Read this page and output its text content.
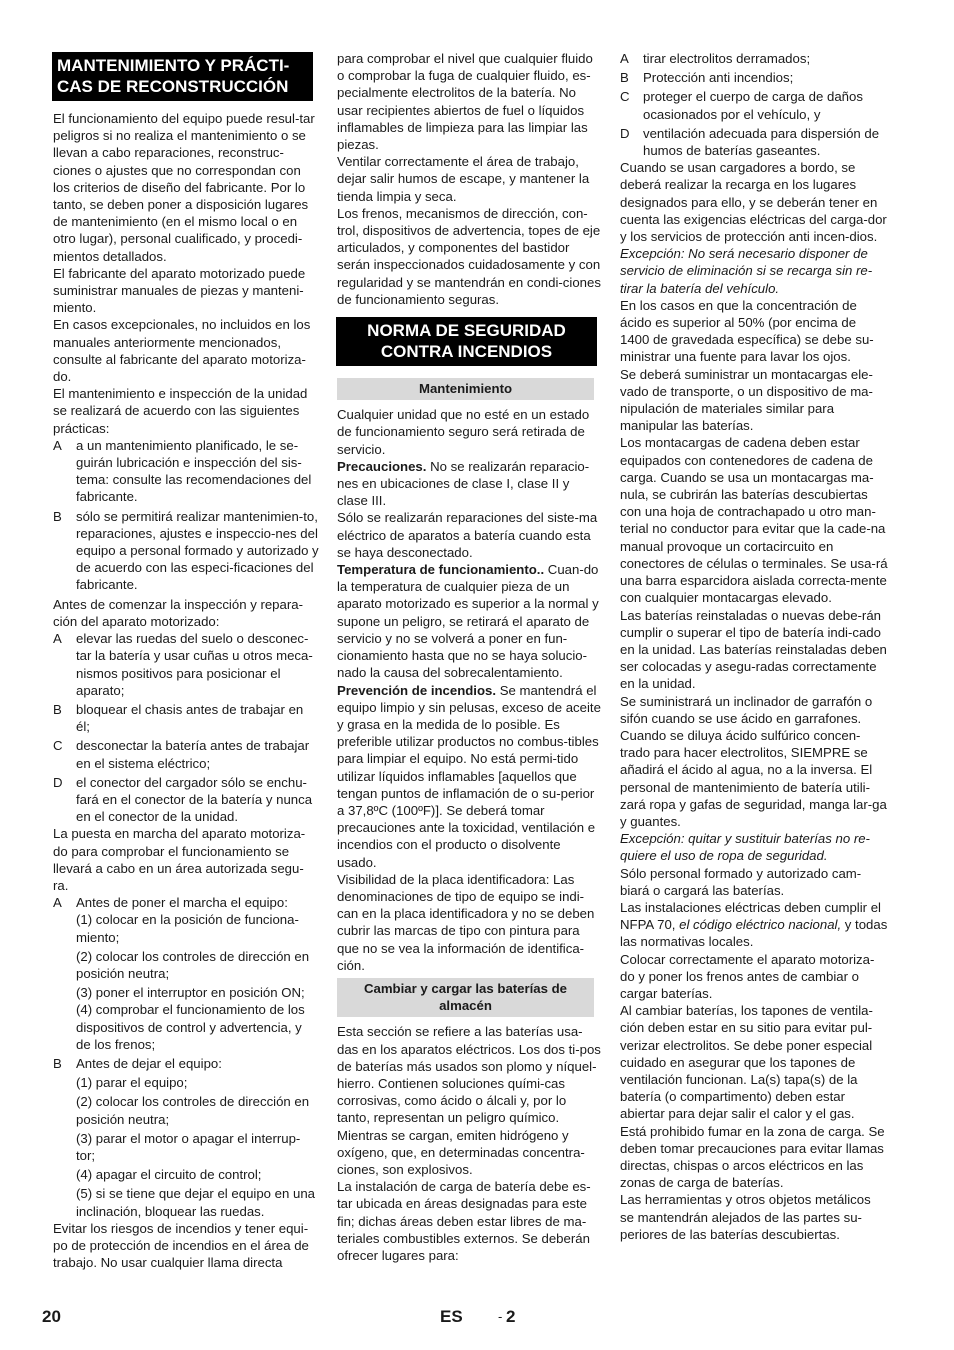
MANTENIMIENTO Y PRÁCTI-CAS DE RECONSTRUCCIÓN

El funcionamiento del equipo puede resul-tar peligros si no realiza el mantenimiento o se llevan a cabo reparaciones, reconstruc-ciones o ajustes que no correspondan con los criterios de diseño del fabricante. Por lo tanto, se deben poner a disposición lugares de mantenimiento (en el mismo local o en otro lugar), personal cualificado, y procedi-mientos detallados.

El fabricante del aparato motorizado puede suministrar manuales de piezas y manteni-miento.

En casos excepcionales, no incluidos en los manuales anteriormente mencionados, consulte al fabricante del aparato motoriza-do.

El mantenimiento e inspección de la unidad se realizará de acuerdo con las siguientes prácticas:

A	a un mantenimiento planificado, le se-guirán lubricación e inspección del sis-tema: consulte las recomendaciones del fabricante.
B	sólo se permitirá realizar mantenimien-to, reparaciones, ajustes e inspeccio-nes del equipo a personal formado y autorizado y de acuerdo con las especi-ficaciones del fabricante.

Antes de comenzar la inspección y repara-ción del aparato motorizado:

A	elevar las ruedas del suelo o desconec-tar la batería y usar cuñas u otros meca-nismos positivos para posicionar el aparato;
B	bloquear el chasis antes de trabajar en él;
C	desconectar la batería antes de trabajar en el sistema eléctrico;
D	el conector del cargador sólo se enchu-fará en el conector de la batería y nunca en el conector de la unidad.

La puesta en marcha del aparato motoriza-do para comprobar el funcionamiento se llevará a cabo en un área autorizada segu-ra.

A	Antes de poner el marcha el equipo:

(1) colocar en la posición de funciona-miento;

(2) colocar los controles de dirección en posición neutra;

(3) poner el interruptor en posición ON;

(4) comprobar el funcionamiento de los dispositivos de control y advertencia, y de los frenos;

B	Antes de dejar el equipo:

(1) parar el equipo;

(2) colocar los controles de dirección en posición neutra;

(3) parar el motor o apagar el interrup-tor;

(4) apagar el circuito de control;

(5) si se tiene que dejar el equipo en una inclinación, bloquear las ruedas.

Evitar los riesgos de incendios y tener equi-po de protección de incendios en el área de trabajo. No usar cualquier llama directa

para comprobar el nivel que cualquier fluido o comprobar la fuga de cualquier fluido, es-pecialmente electrolitos de la batería. No usar recipientes abiertos de fuel o líquidos inflamables de limpieza para las limpiar las piezas.

Ventilar correctamente el área de trabajo, dejar salir humos de escape, y mantener la tienda limpia y seca.

Los frenos, mecanismos de dirección, con-trol, dispositivos de advertencia, topes de eje articulados, y componentes del bastidor serán inspeccionados cuidadosamente y con regularidad y se mantendrán en condi-ciones de funcionamiento seguras.

NORMA DE SEGURIDAD CONTRA INCENDIOS
Mantenimiento

Cualquier unidad que no esté en un estado de funcionamiento seguro será retirada de servicio.

Precauciones. No se realizarán reparacio-nes en ubicaciones de clase I, clase II y clase III.

Sólo se realizarán reparaciones del siste-ma eléctrico de aparatos a batería cuando esta se haya desconectado.

Temperatura de funcionamiento.. Cuan-do la temperatura de cualquier pieza de un aparato motorizado es superior a la normal y supone un peligro, se retirará el aparato de servicio y no se volverá a poner en fun-cionamiento hasta que no se haya solucio-nado la causa del sobrecalentamiento.

Prevención de incendios. Se mantendrá el equipo limpio y sin pelusas, exceso de aceite y grasa en la medida de lo posible. Es preferible utilizar productos no combus-tibles para limpiar el equipo. No está permi-tido utilizar líquidos inflamables [aquellos que tengan puntos de inflamación de o su-perior a 37,8ºC (100ºF)]. Se deberá tomar precauciones ante la toxicidad, ventilación e incendios con el producto o disolvente usado.

Visibilidad de la placa identificadora: Las denominaciones de tipo de equipo se indi-can en la placa identificadora y no se deben cubrir las marcas de tipo con pintura para que no se vea la información de identifica-ción.

Cambiar y cargar las baterías de almacén

Esta sección se refiere a las baterías usa-das en los aparatos eléctricos. Los dos ti-pos de baterías más usados son plomo y níquel-hierro. Contienen soluciones quími-cas corrosivas, como ácido o álcali y, por lo tanto, representan un peligro químico. Mientras se cargan, emiten hidrógeno y oxígeno, que, en determinadas concentra-ciones, son explosivos.

La instalación de carga de batería debe es-tar ubicada en áreas designadas para este fin; dichas áreas deben estar libres de ma-teriales combustibles externos. Se deberán ofrecer lugares para:

A	tirar electrolitos derramados;
B	Protección anti incendios;
C	proteger el cuerpo de carga de daños ocasionados por el vehículo, y
D	ventilación adecuada para dispersión de humos de baterías gaseantes.

Cuando se usan cargadores a bordo, se deberá realizar la recarga en los lugares designados para ello, y se deberán tener en cuenta las exigencias eléctricas del carga-dor y los servicios de protección anti incen-dios.

Excepción: No será necesario disponer de servicio de eliminación si se recarga sin re-tirar la batería del vehículo.

En los casos en que la concentración de ácido es superior al 50% (por encima de 1400 de gravedada específica) se debe su-ministrar una fuente para lavar los ojos.

Se deberá suministrar un montacargas ele-vado de transporte, o un dispositivo de ma-nipulación de materiales similar para manipular las baterías.

Los montacargas de cadena deben estar equipados con contenedores de cadena de carga. Cuando se usa un montacargas ma-nula, se cubrirán las baterías descubiertas con una hoja de contrachapado u otro man-terial no conductor para evitar que la cade-na manual provoque un cortacircuito en conectores de células o terminales. Se usa-rá una barra esparcidora aislada correcta-mente con cualquier montacargas elevado.

Las baterías reinstaladas o nuevas debe-rán cumplir o superar el tipo de batería indi-cado en la unidad. Las baterías reinstaladas deben ser colocadas y asegu-radas correctamente en la unidad.

Se suministrará un inclinador de garrafón o sifón cuando se use ácido en garrafones.

Cuando se diluya ácido sulfúrico concen-trado para hacer electrolitos, SIEMPRE se añadirá el ácido al agua, no a la inversa. El personal de mantenimiento de batería utili-zará ropa y gafas de seguridad, manga lar-ga y guantes.

Excepción: quitar y sustituir baterías no re-quiere el uso de ropa de seguridad.

Sólo personal formado y autorizado cam-biará o cargará las baterías.

Las instalaciones eléctricas deben cumplir el NFPA 70, el código eléctrico nacional, y todas las normativas locales.

Colocar correctamente el aparato motoriza-do y poner los frenos antes de cambiar o cargar baterías.

Al cambiar baterías, los tapones de ventila-ción deben estar en su sitio para evitar pul-verizar electrolitos. Se debe poner especial cuidado en asegurar que los tapones de ventilación funcionan. La(s) tapa(s) de la batería (o compartimento) deben estar abiertar para dejar salir el calor y el gas.

Está prohibido fumar en la zona de carga. Se deben tomar precauciones para evitar llamas directas, chispas o arcos eléctricos en las zonas de carga de baterías.

Las herramientas y otros objetos metálicos se mantendrán alejados de las partes su-periores de las baterías descubiertas.

20	ES	- 2
